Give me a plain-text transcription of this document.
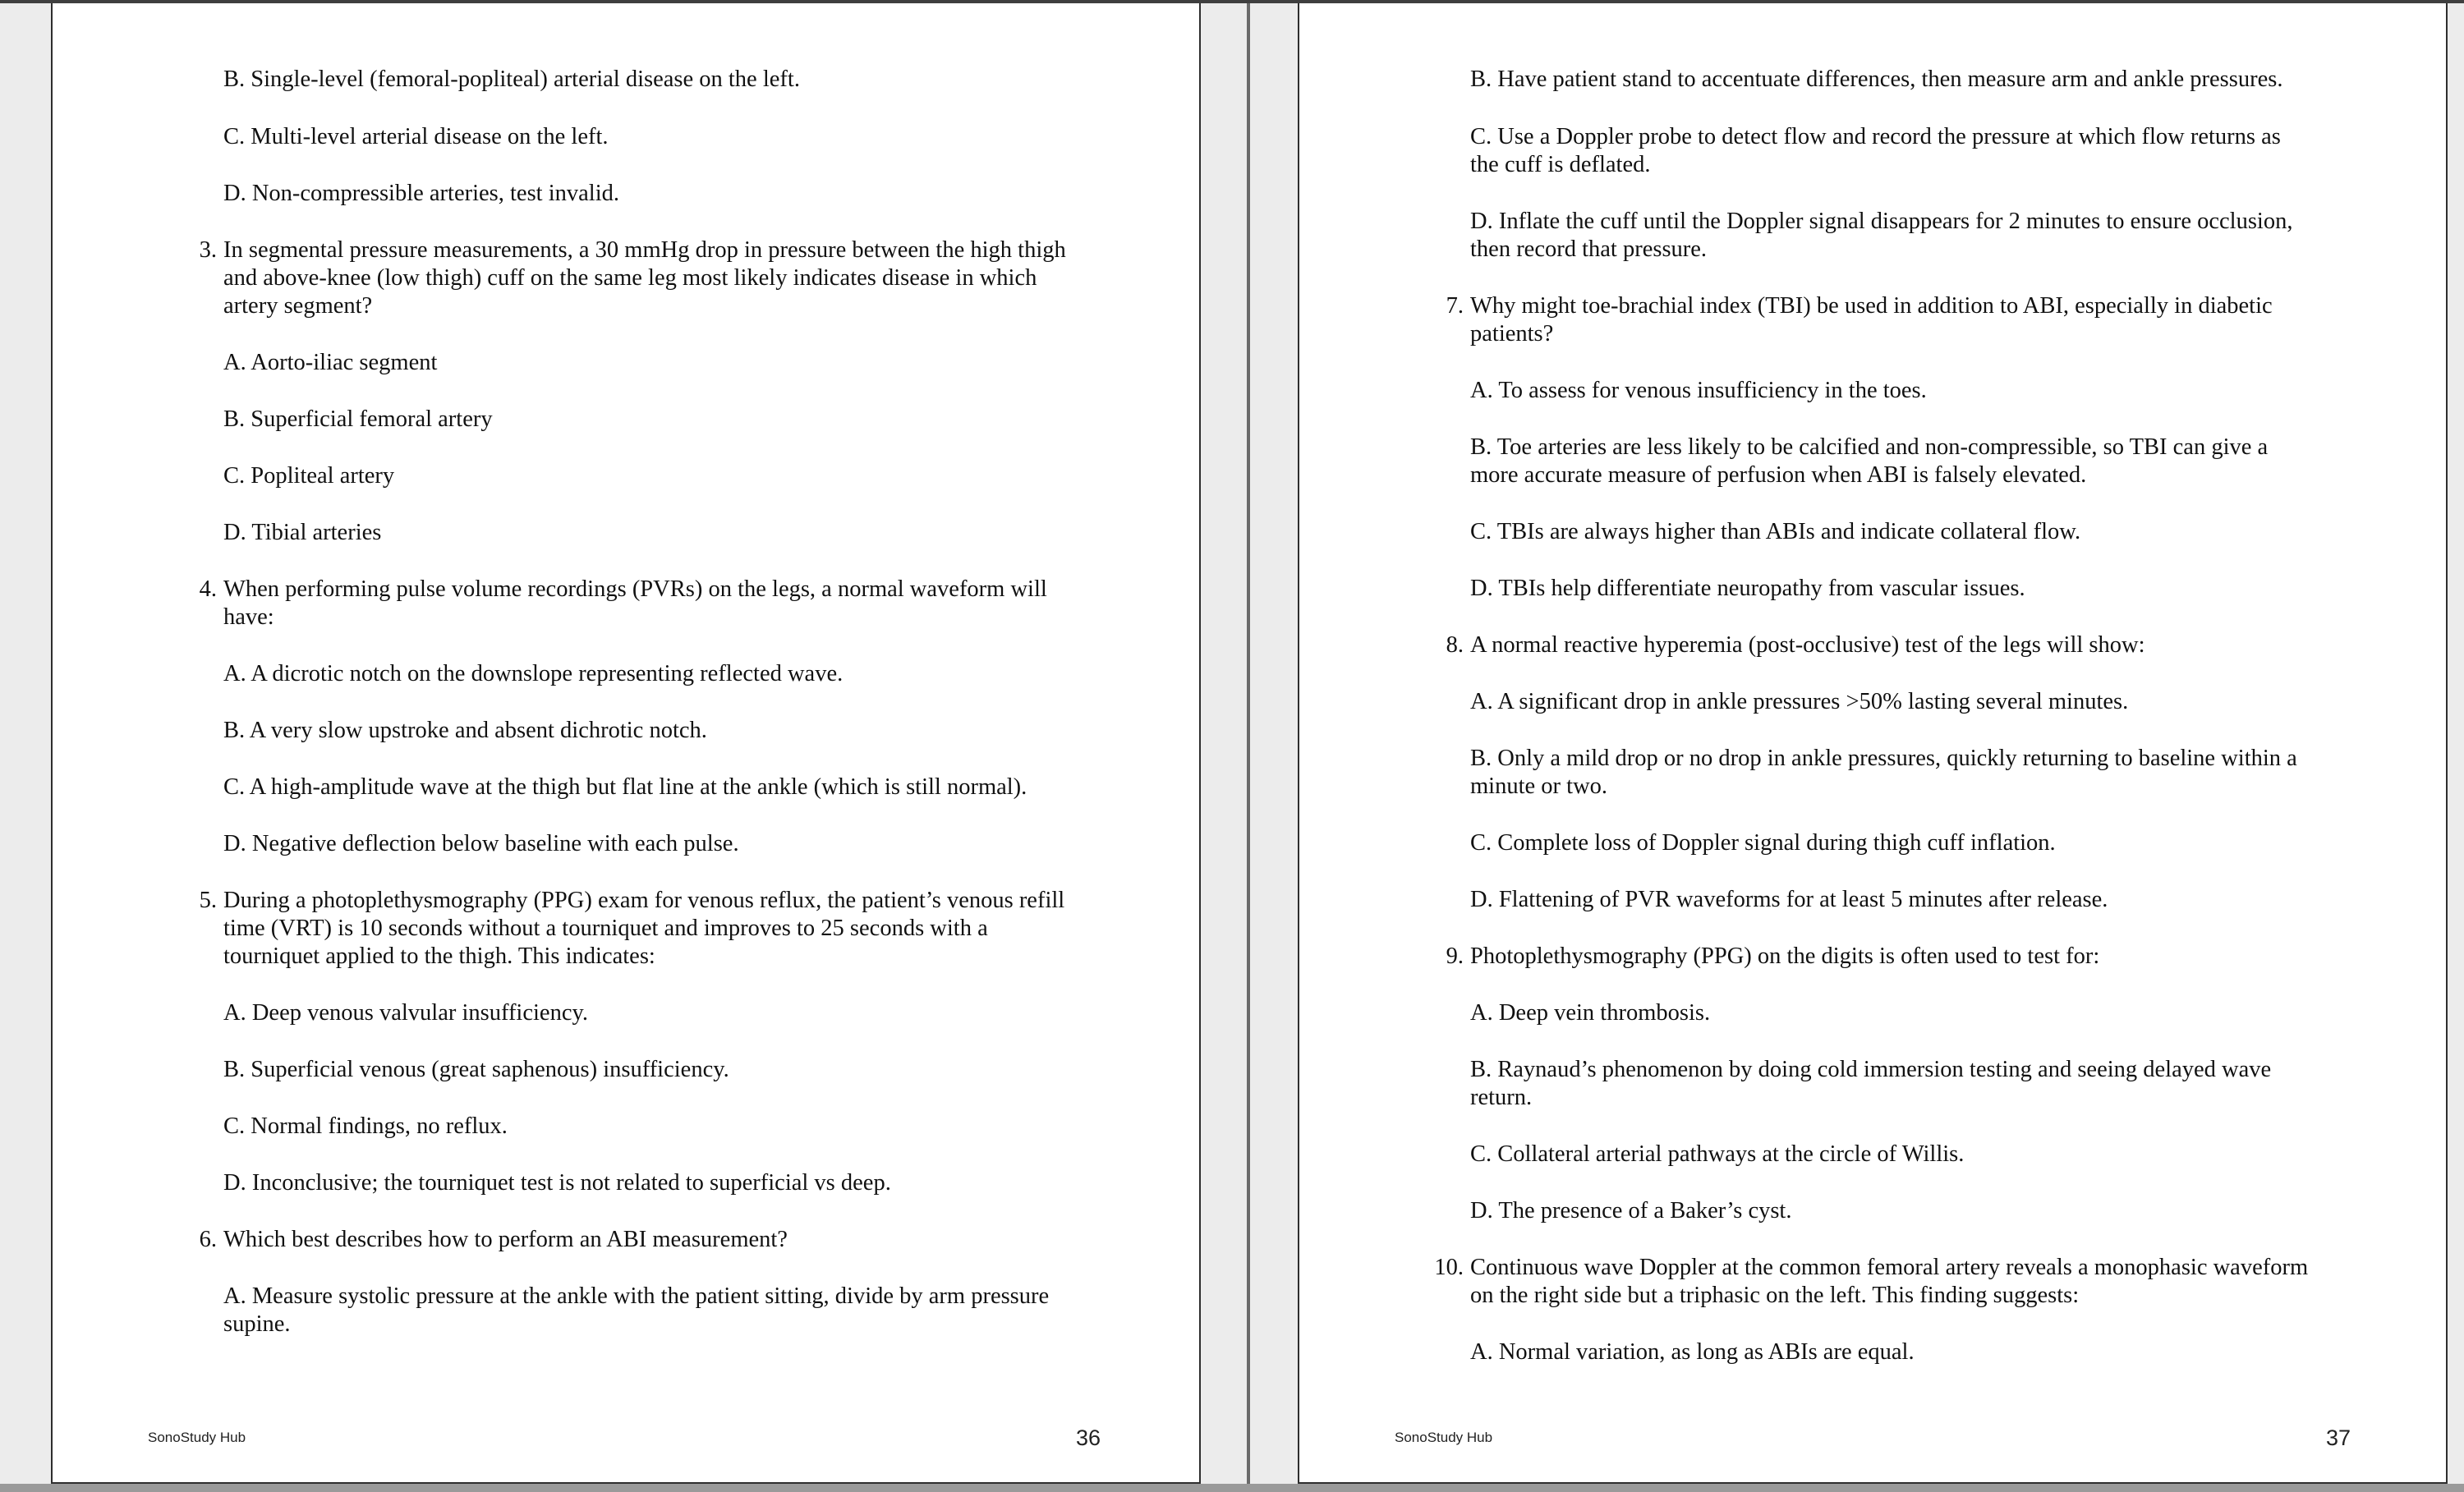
B. Single-level (femoral-popliteal) arterial disease on the left.
C. Multi-level arterial disease on the left.
D. Non-compressible arteries, test invalid.
3. In segmental pressure measurements, a 30 mmHg drop in pressure between the high thigh
and above-knee (low thigh) cuff on the same leg most likely indicates disease in which
artery segment?
A. Aorto-iliac segment
B. Superficial femoral artery
C. Popliteal artery
D. Tibial arteries
4. When performing pulse volume recordings (PVRs) on the legs, a normal waveform will
have:
A. A dicrotic notch on the downslope representing reflected wave.
B. A very slow upstroke and absent dichrotic notch.
C. A high-amplitude wave at the thigh but flat line at the ankle (which is still normal).
D. Negative deflection below baseline with each pulse.
5. During a photoplethysmography (PPG) exam for venous reflux, the patient’s venous refill
time (VRT) is 10 seconds without a tourniquet and improves to 25 seconds with a
tourniquet applied to the thigh. This indicates:
A. Deep venous valvular insufficiency.
B. Superficial venous (great saphenous) insufficiency.
C. Normal findings, no reflux.
D. Inconclusive; the tourniquet test is not related to superficial vs deep.
6. Which best describes how to perform an ABI measurement?
A. Measure systolic pressure at the ankle with the patient sitting, divide by arm pressure
supine.
SonoStudy Hub	36
B. Have patient stand to accentuate differences, then measure arm and ankle pressures.
C. Use a Doppler probe to detect flow and record the pressure at which flow returns as
the cuff is deflated.
D. Inflate the cuff until the Doppler signal disappears for 2 minutes to ensure occlusion,
then record that pressure.
7. Why might toe-brachial index (TBI) be used in addition to ABI, especially in diabetic
patients?
A. To assess for venous insufficiency in the toes.
B. Toe arteries are less likely to be calcified and non-compressible, so TBI can give a
more accurate measure of perfusion when ABI is falsely elevated.
C. TBIs are always higher than ABIs and indicate collateral flow.
D. TBIs help differentiate neuropathy from vascular issues.
8. A normal reactive hyperemia (post-occlusive) test of the legs will show:
A. A significant drop in ankle pressures >50% lasting several minutes.
B. Only a mild drop or no drop in ankle pressures, quickly returning to baseline within a
minute or two.
C. Complete loss of Doppler signal during thigh cuff inflation.
D. Flattening of PVR waveforms for at least 5 minutes after release.
9. Photoplethysmography (PPG) on the digits is often used to test for:
A. Deep vein thrombosis.
B. Raynaud’s phenomenon by doing cold immersion testing and seeing delayed wave
return.
C. Collateral arterial pathways at the circle of Willis.
D. The presence of a Baker’s cyst.
10. Continuous wave Doppler at the common femoral artery reveals a monophasic waveform
on the right side but a triphasic on the left. This finding suggests:
A. Normal variation, as long as ABIs are equal.
SonoStudy Hub	37
